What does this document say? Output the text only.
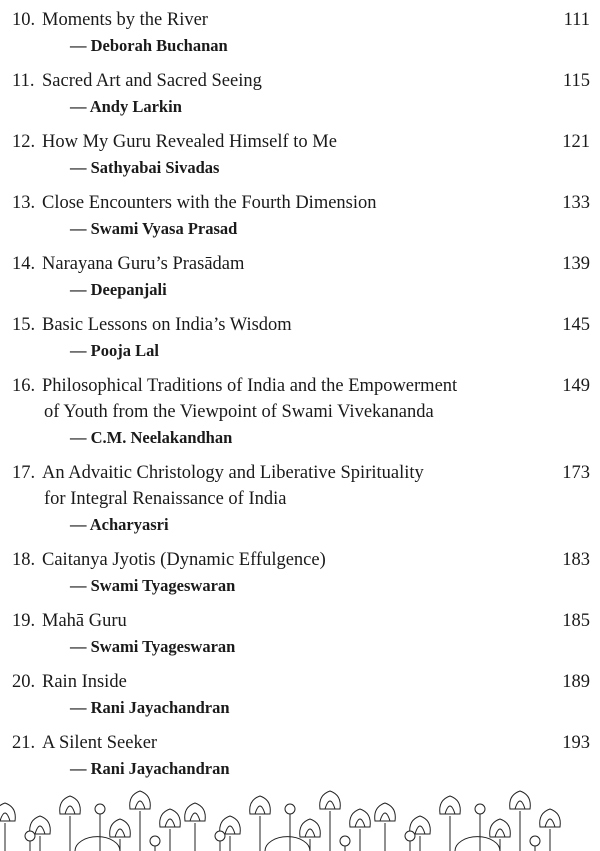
10. Moments by the River	111
— Deborah Buchanan
11. Sacred Art and Sacred Seeing	115
— Andy Larkin
12. How My Guru Revealed Himself to Me	121
— Sathyabai Sivadas
13. Close Encounters with the Fourth Dimension	133
— Swami Vyasa Prasad
14. Narayana Guru’s Prasādam	139
— Deepanjali
15. Basic Lessons on India’s Wisdom	145
— Pooja Lal
16. Philosophical Traditions of India and the Empowerment
of Youth from the Viewpoint of Swami Vivekananda
149
— C.M. Neelakandhan
17. An Advaitic Christology and Liberative Spirituality
for Integral Renaissance of India
173
— Acharyasri
18. Caitanya Jyotis (Dynamic Effulgence)	183
— Swami Tyageswaran
19. Mahā Guru	185
— Swami Tyageswaran
20. Rain Inside	189
— Rani Jayachandran
21. A Silent Seeker	193
— Rani Jayachandran
